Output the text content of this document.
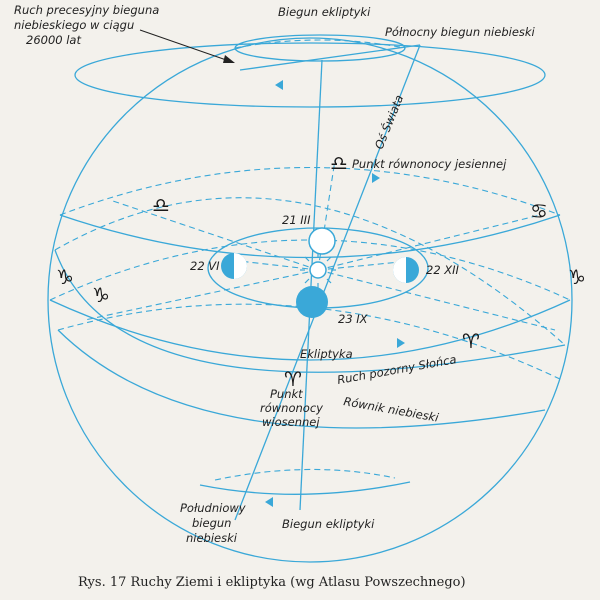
Ruch precesyjny bieguna
niebieskiego w ciągu
26000 lat
Biegun ekliptyki
Północny biegun niebieski
Oś Świata
♎ Punkt równonocy jesiennej
♎	♋
♑
♑
♑
21 III
22 VI	22 XII
23 IX
♈
Ekliptyka
Ruch pozorny Słońca
♈
Punkt
równonocy
wiosennej Równik niebieski
Południowy
biegun
niebieski
Biegun ekliptyki
Rys. 17 Ruchy Ziemi i ekliptyka (wg Atlasu Powszechnego)
